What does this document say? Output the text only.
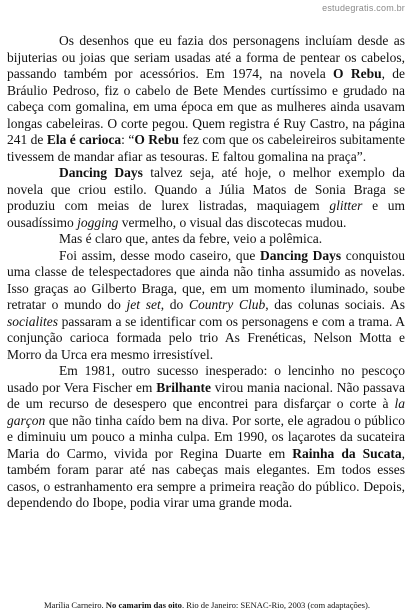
estudegratis.com.br

Os desenhos que eu fazia dos personagens incluíam desde as bijuterias ou joias que seriam usadas até a forma de pentear os cabelos, passando também por acessórios. Em 1974, na novela O Rebu, de Bráulio Pedroso, fiz o cabelo de Bete Mendes curtíssimo e grudado na cabeça com gomalina, em uma época em que as mulheres ainda usavam longas cabeleiras. O corte pegou. Quem registra é Ruy Castro, na página 241 de Ela é carioca: “O Rebu fez com que os cabeleireiros subitamente tivessem de mandar afiar as tesouras. E faltou gomalina na praça”.

Dancing Days talvez seja, até hoje, o melhor exemplo da novela que criou estilo. Quando a Júlia Matos de Sonia Braga se produziu com meias de lurex listradas, maquiagem glitter e um ousadíssimo jogging vermelho, o visual das discotecas mudou.

Mas é claro que, antes da febre, veio a polêmica.

Foi assim, desse modo caseiro, que Dancing Days conquistou uma classe de telespectadores que ainda não tinha assumido as novelas. Isso graças ao Gilberto Braga, que, em um momento iluminado, soube retratar o mundo do jet set, do Country Club, das colunas sociais. As socialites passaram a se identificar com os personagens e com a trama. A conjunção carioca formada pelo trio As Frenéticas, Nelson Motta e Morro da Urca era mesmo irresistível.

Em 1981, outro sucesso inesperado: o lencinho no pescoço usado por Vera Fischer em Brilhante virou mania nacional. Não passava de um recurso de desespero que encontrei para disfarçar o corte à la garçon que não tinha caído bem na diva. Por sorte, ele agradou o público e diminuiu um pouco a minha culpa. Em 1990, os laçarotes da sucateira Maria do Carmo, vivida por Regina Duarte em Rainha da Sucata, também foram parar até nas cabeças mais elegantes. Em todos esses casos, o estranhamento era sempre a primeira reação do público. Depois, dependendo do Ibope, podia virar uma grande moda.

Marília Carneiro. No camarim das oito. Rio de Janeiro: SENAC-Rio, 2003 (com adaptações).
